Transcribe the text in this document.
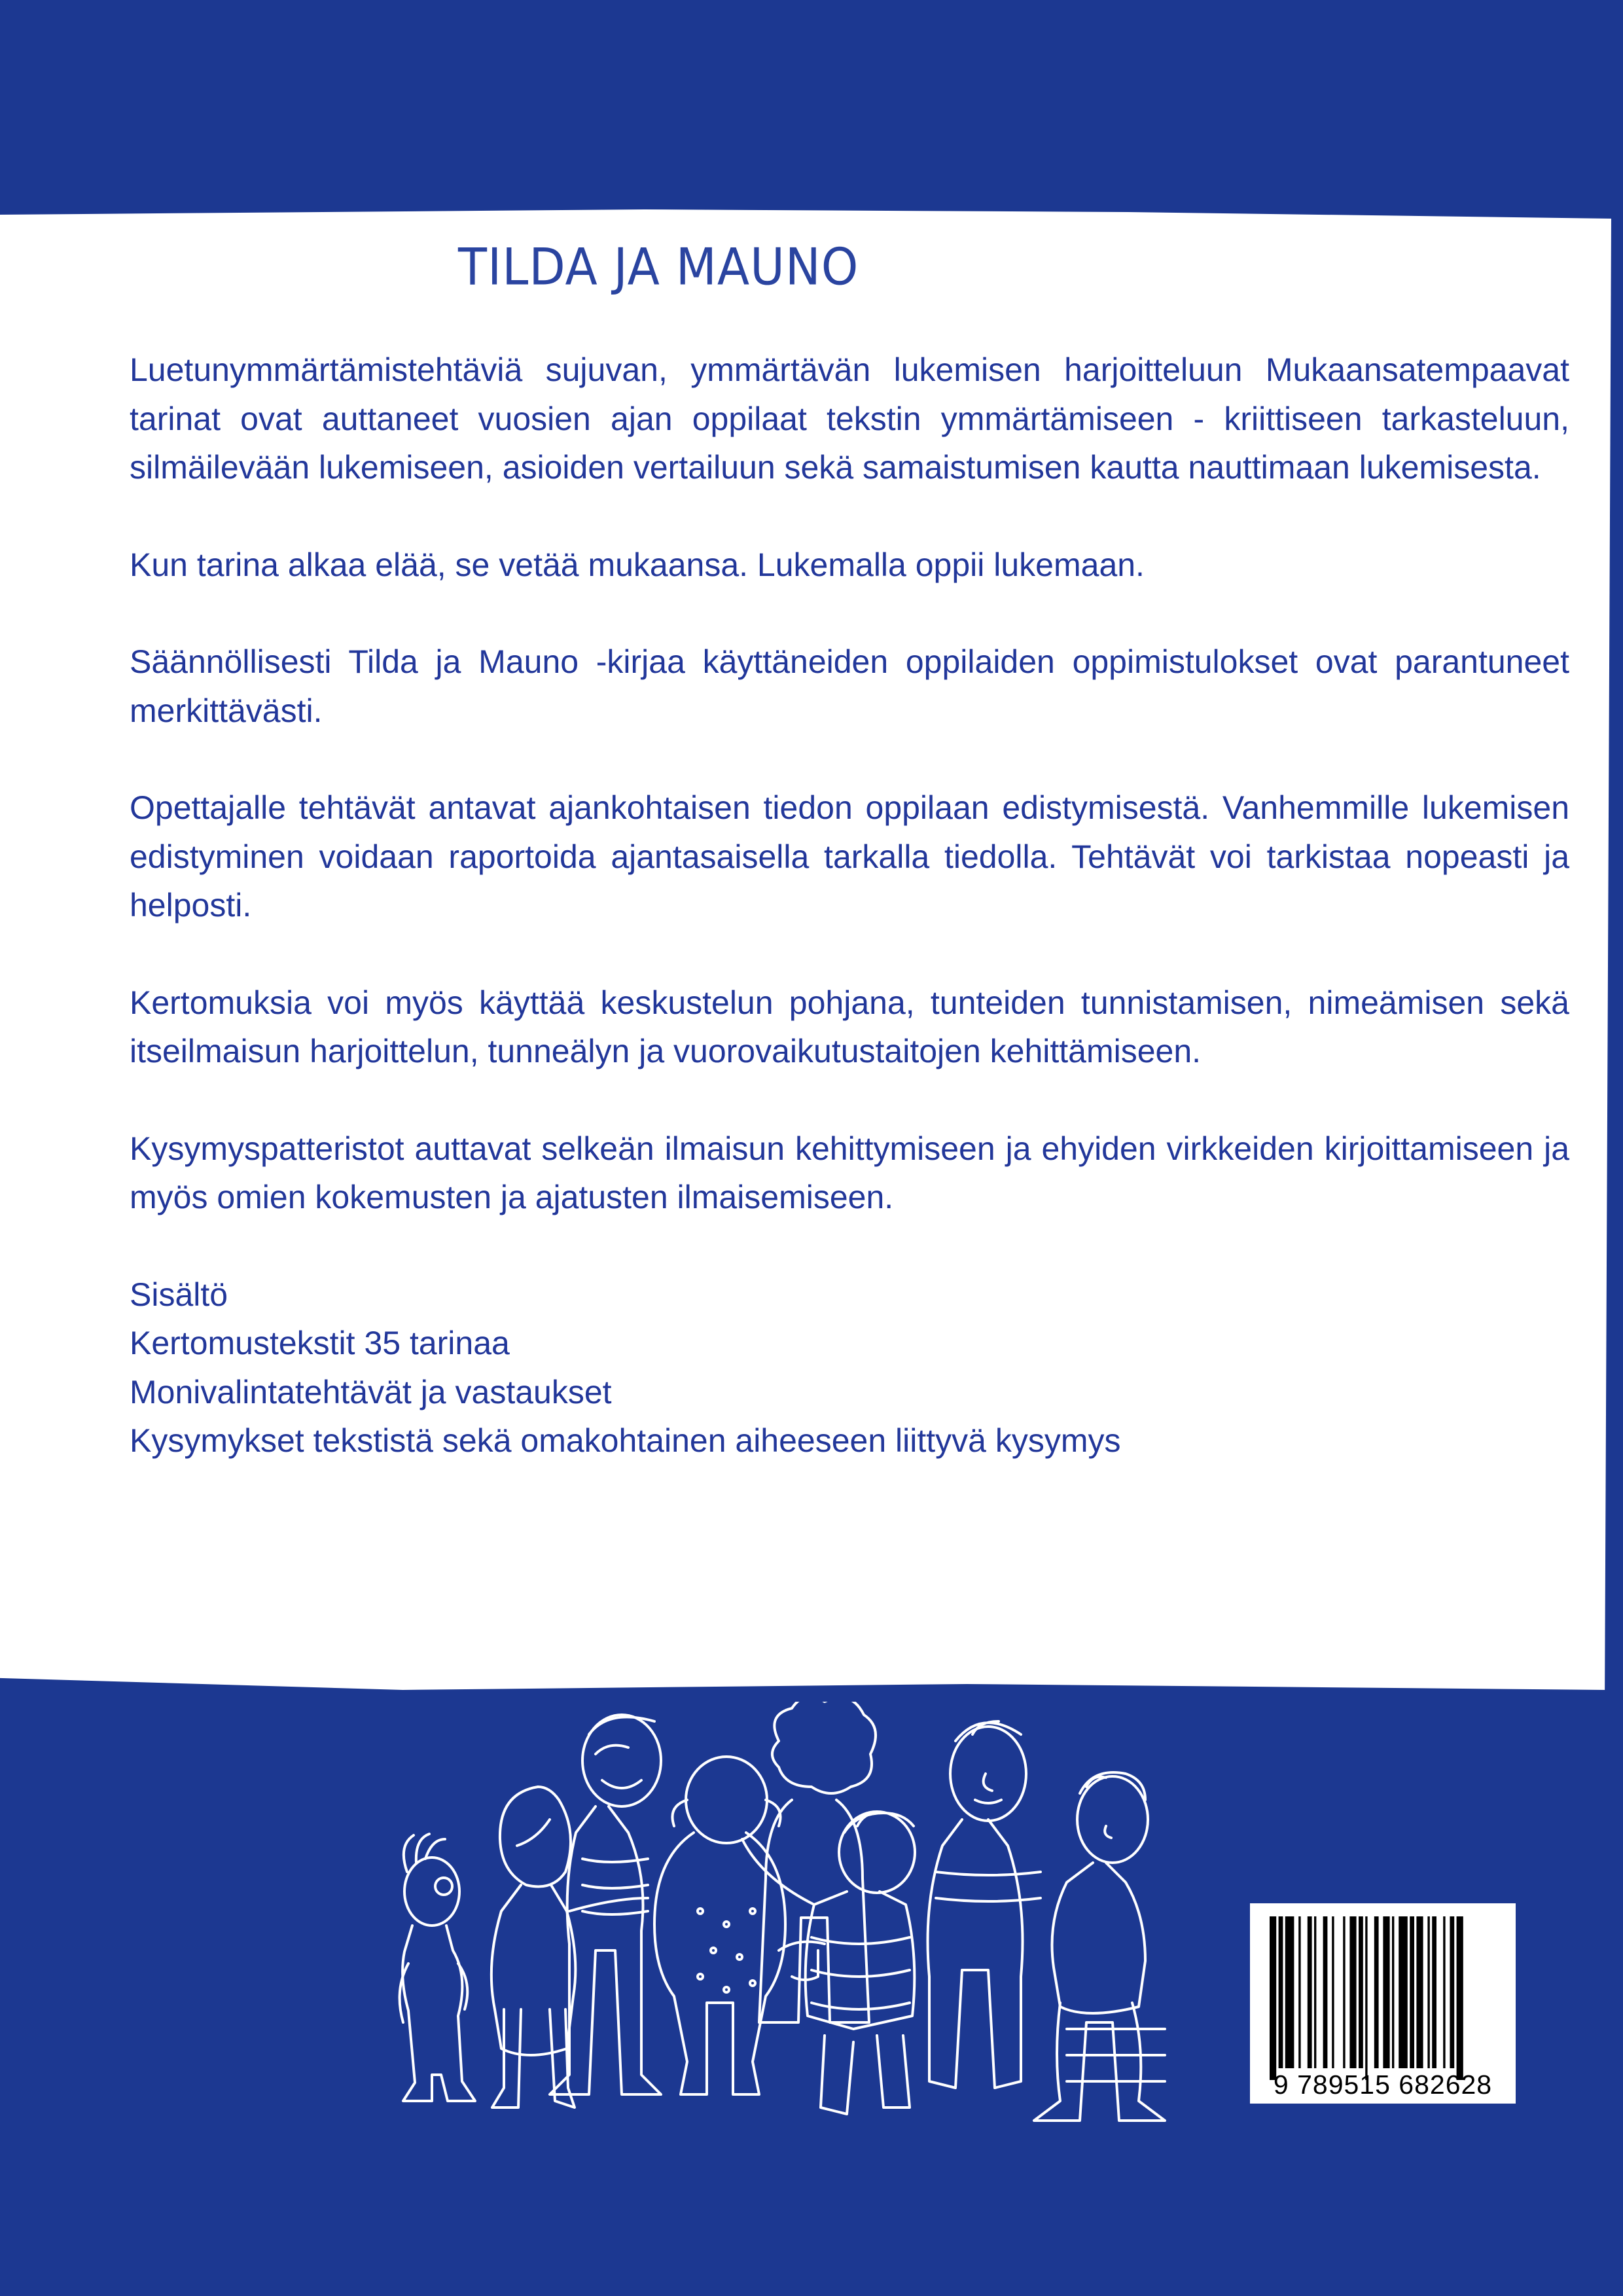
TILDA JA MAUNO

Luetunymmärtämistehtäviä sujuvan, ymmärtävän lukemisen harjoitteluun Mukaansatempaavat tarinat ovat auttaneet vuosien ajan oppilaat tekstin ymmärtämiseen - kriittiseen tarkasteluun, silmäilevään lukemiseen, asioiden vertailuun sekä samaistumisen kautta nauttimaan lukemisesta.

Kun tarina alkaa elää, se vetää mukaansa. Lukemalla oppii lukemaan.

Säännöllisesti Tilda ja Mauno -kirjaa käyttäneiden oppilaiden oppimistulokset ovat parantuneet merkittävästi.

Opettajalle tehtävät antavat ajankohtaisen tiedon oppilaan edistymisestä. Vanhemmille lukemisen edistyminen voidaan raportoida ajantasaisella tarkalla tiedolla. Tehtävät voi tarkistaa nopeasti ja helposti.

Kertomuksia voi myös käyttää keskustelun pohjana, tunteiden tunnistamisen, nimeämisen sekä itseilmaisun harjoittelun, tunneälyn ja vuorovaikutustaitojen kehittämiseen.

Kysymyspatteristot auttavat selkeän ilmaisun kehittymiseen ja ehyiden virkkeiden kirjoittamiseen ja myös omien kokemusten ja ajatusten ilmaisemiseen.

Sisältö
Kertomustekstit 35 tarinaa
Monivalintatehtävät ja vastaukset
Kysymykset tekstistä sekä omakohtainen aiheeseen liittyvä kysymys
9 789515 682628
